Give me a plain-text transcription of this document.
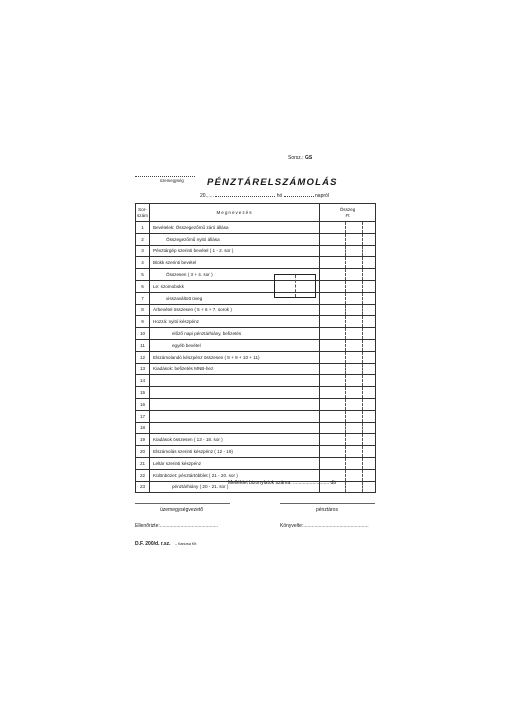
Sorsz.: GS
üzemegység PÉNZTÁRELSZÁMOLÁS
20......	hó	napról
Sor-
szám	Megnevezés	Összeg
Ft
1	Bevételek: Összegezőmű záró állása	

2	Összegezőmű nyitó állása	

3	Pénztárgép szerinti bevétel ( 1 - 2. sor )	

4	Blokk szerinti bevétel	

5	Összesen ( 3 + 4. sor )	

6	Le: szomobokk	

7	visszaváltott üveg	

8	Árbevétel összesen ( 5 + 6 + 7. sorok )	

9	Hozzá: nyitó készpénz	

10	előző napi pénztárhiány, befizetés	

11	egyéb bevétel	

12	Elszámolandó készpénz összesen ( 8 + 9 + 10 + 11)	

13	Kiadások: befizetés MNB-hez	

14		

15		

16		

17		

18		

19	Kiadások összesen ( 13 - 18. sor )	

20	Elszámolás szerinti készpénz ( 12 - 19)	

21	Leltár szerinti készpénz	

22	Különbözet: pénztártöbblet ( 21 - 20. sor )	

23	pénztárhiány ( 20 - 21. sor )	
Melléklet bizonylatok száma: .......................... db
üzemegységvezető	pénztáros
Ellenőrizte:..........................................	Könyvelte:...............................................
D.F. 200/d. r.sz. – Kanizsa Kft.
